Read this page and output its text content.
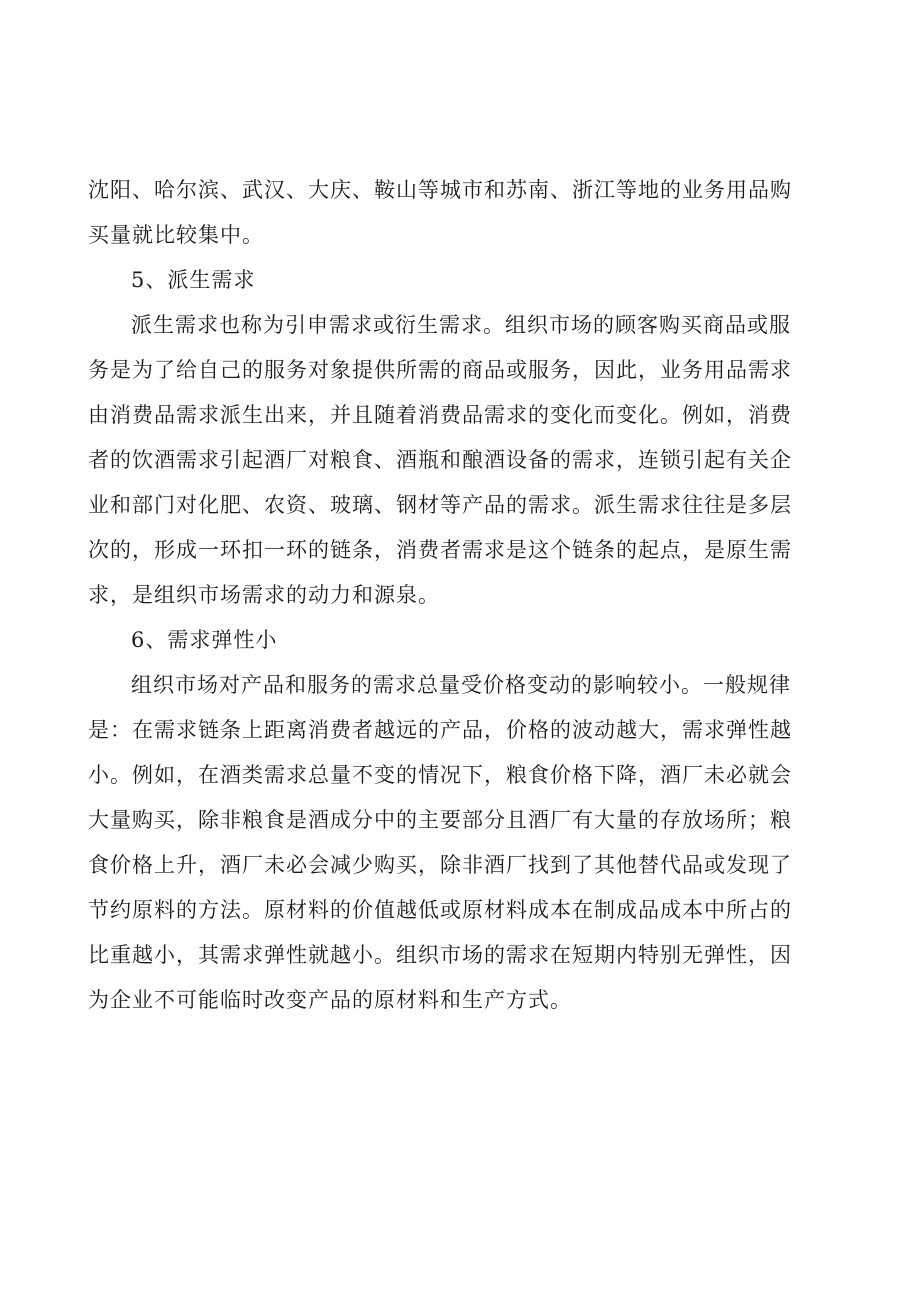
沈阳、哈尔滨、武汉、大庆、鞍山等城市和苏南、浙江等地的业务用品购
买量就比较集中。
5、派生需求
派生需求也称为引申需求或衍生需求。组织市场的顾客购买商品或服
务是为了给自己的服务对象提供所需的商品或服务，因此，业务用品需求
由消费品需求派生出来，并且随着消费品需求的变化而变化。例如，消费
者的饮酒需求引起酒厂对粮食、酒瓶和酿酒设备的需求，连锁引起有关企
业和部门对化肥、农资、玻璃、钢材等产品的需求。派生需求往往是多层
次的，形成一环扣一环的链条，消费者需求是这个链条的起点，是原生需
求，是组织市场需求的动力和源泉。
6、需求弹性小
组织市场对产品和服务的需求总量受价格变动的影响较小。一般规律
是：在需求链条上距离消费者越远的产品，价格的波动越大，需求弹性越
小。例如，在酒类需求总量不变的情况下，粮食价格下降，酒厂未必就会
大量购买，除非粮食是酒成分中的主要部分且酒厂有大量的存放场所；粮
食价格上升，酒厂未必会减少购买，除非酒厂找到了其他替代品或发现了
节约原料的方法。原材料的价值越低或原材料成本在制成品成本中所占的
比重越小，其需求弹性就越小。组织市场的需求在短期内特别无弹性，因
为企业不可能临时改变产品的原材料和生产方式。
